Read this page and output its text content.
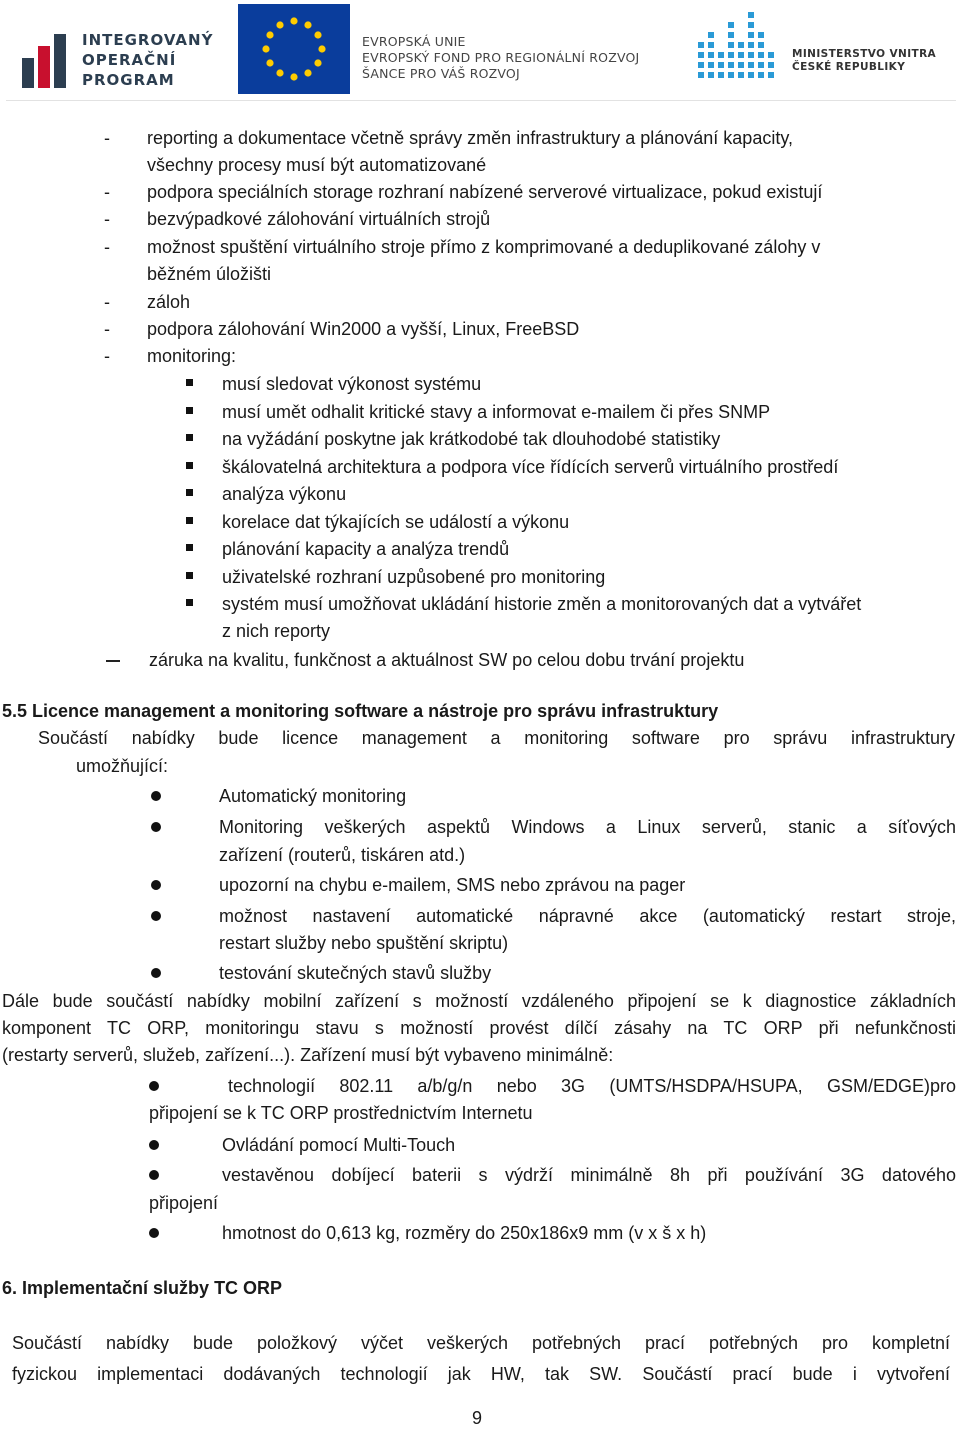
INTEGROVANÝ
OPERAČNÍ
PROGRAM
EVROPSKÁ UNIE
EVROPSKÝ FOND PRO REGIONÁLNÍ ROZVOJ
ŠANCE PRO VÁŠ ROZVOJ
MINISTERSTVO VNITRA
ČESKÉ REPUBLIKY
- reporting a dokumentace včetně správy změn infrastruktury a plánování kapacity,
všechny procesy musí být automatizované
- podpora speciálních storage rozhraní nabízené serverové virtualizace, pokud existují
- bezvýpadkové zálohování virtuálních strojů
- možnost spuštění virtuálního stroje přímo z komprimované a deduplikované zálohy v
běžném úložišti
- záloh
- podpora zálohování Win2000 a vyšší, Linux, FreeBSD
- monitoring:
musí sledovat výkonost systému
musí umět odhalit kritické stavy a informovat e-mailem či přes SNMP
na vyžádání poskytne jak krátkodobé tak dlouhodobé statistiky
škálovatelná architektura a podpora více řídících serverů virtuálního prostředí
analýza výkonu
korelace dat týkajících se událostí a výkonu
plánování kapacity a analýza trendů
uživatelské rozhraní uzpůsobené pro monitoring
systém musí umožňovat ukládání historie změn a monitorovaných dat a vytvářet
z nich reporty
záruka na kvalitu, funkčnost a aktuálnost SW po celou dobu trvání projektu
5.5 Licence management a monitoring software a nástroje pro správu infrastruktury
Součástí nabídky bude licence management a monitoring software pro správu infrastruktury
umožňující:
Automatický monitoring
Monitoring veškerých aspektů Windows a Linux serverů, stanic a síťových
zařízení (routerů, tiskáren atd.)
upozorní na chybu e-mailem, SMS nebo zprávou na pager
možnost nastavení automatické nápravné akce (automatický restart stroje,
restart služby nebo spuštění skriptu)
testování skutečných stavů služby
Dále bude součástí nabídky mobilní zařízení s možností vzdáleného připojení se k diagnostice základních
komponent TC ORP, monitoringu stavu s možností provést dílčí zásahy na TC ORP při nefunkčnosti
(restarty serverů, služeb, zařízení...). Zařízení musí být vybaveno minimálně:
technologií 802.11 a/b/g/n nebo 3G (UMTS/HSDPA/HSUPA, GSM/EDGE)pro
připojení se k TC ORP prostřednictvím Internetu
Ovládání pomocí Multi-Touch
vestavěnou dobíjecí baterii s výdrží minimálně 8h při používání 3G datového
připojení
hmotnost do 0,613 kg, rozměry do 250x186x9 mm (v x š x h)
6. Implementační služby TC ORP
Součástí nabídky bude položkový výčet veškerých potřebných prací potřebných pro kompletní
fyzickou implementaci dodávaných technologií jak HW, tak SW. Součástí prací bude i vytvoření
9
